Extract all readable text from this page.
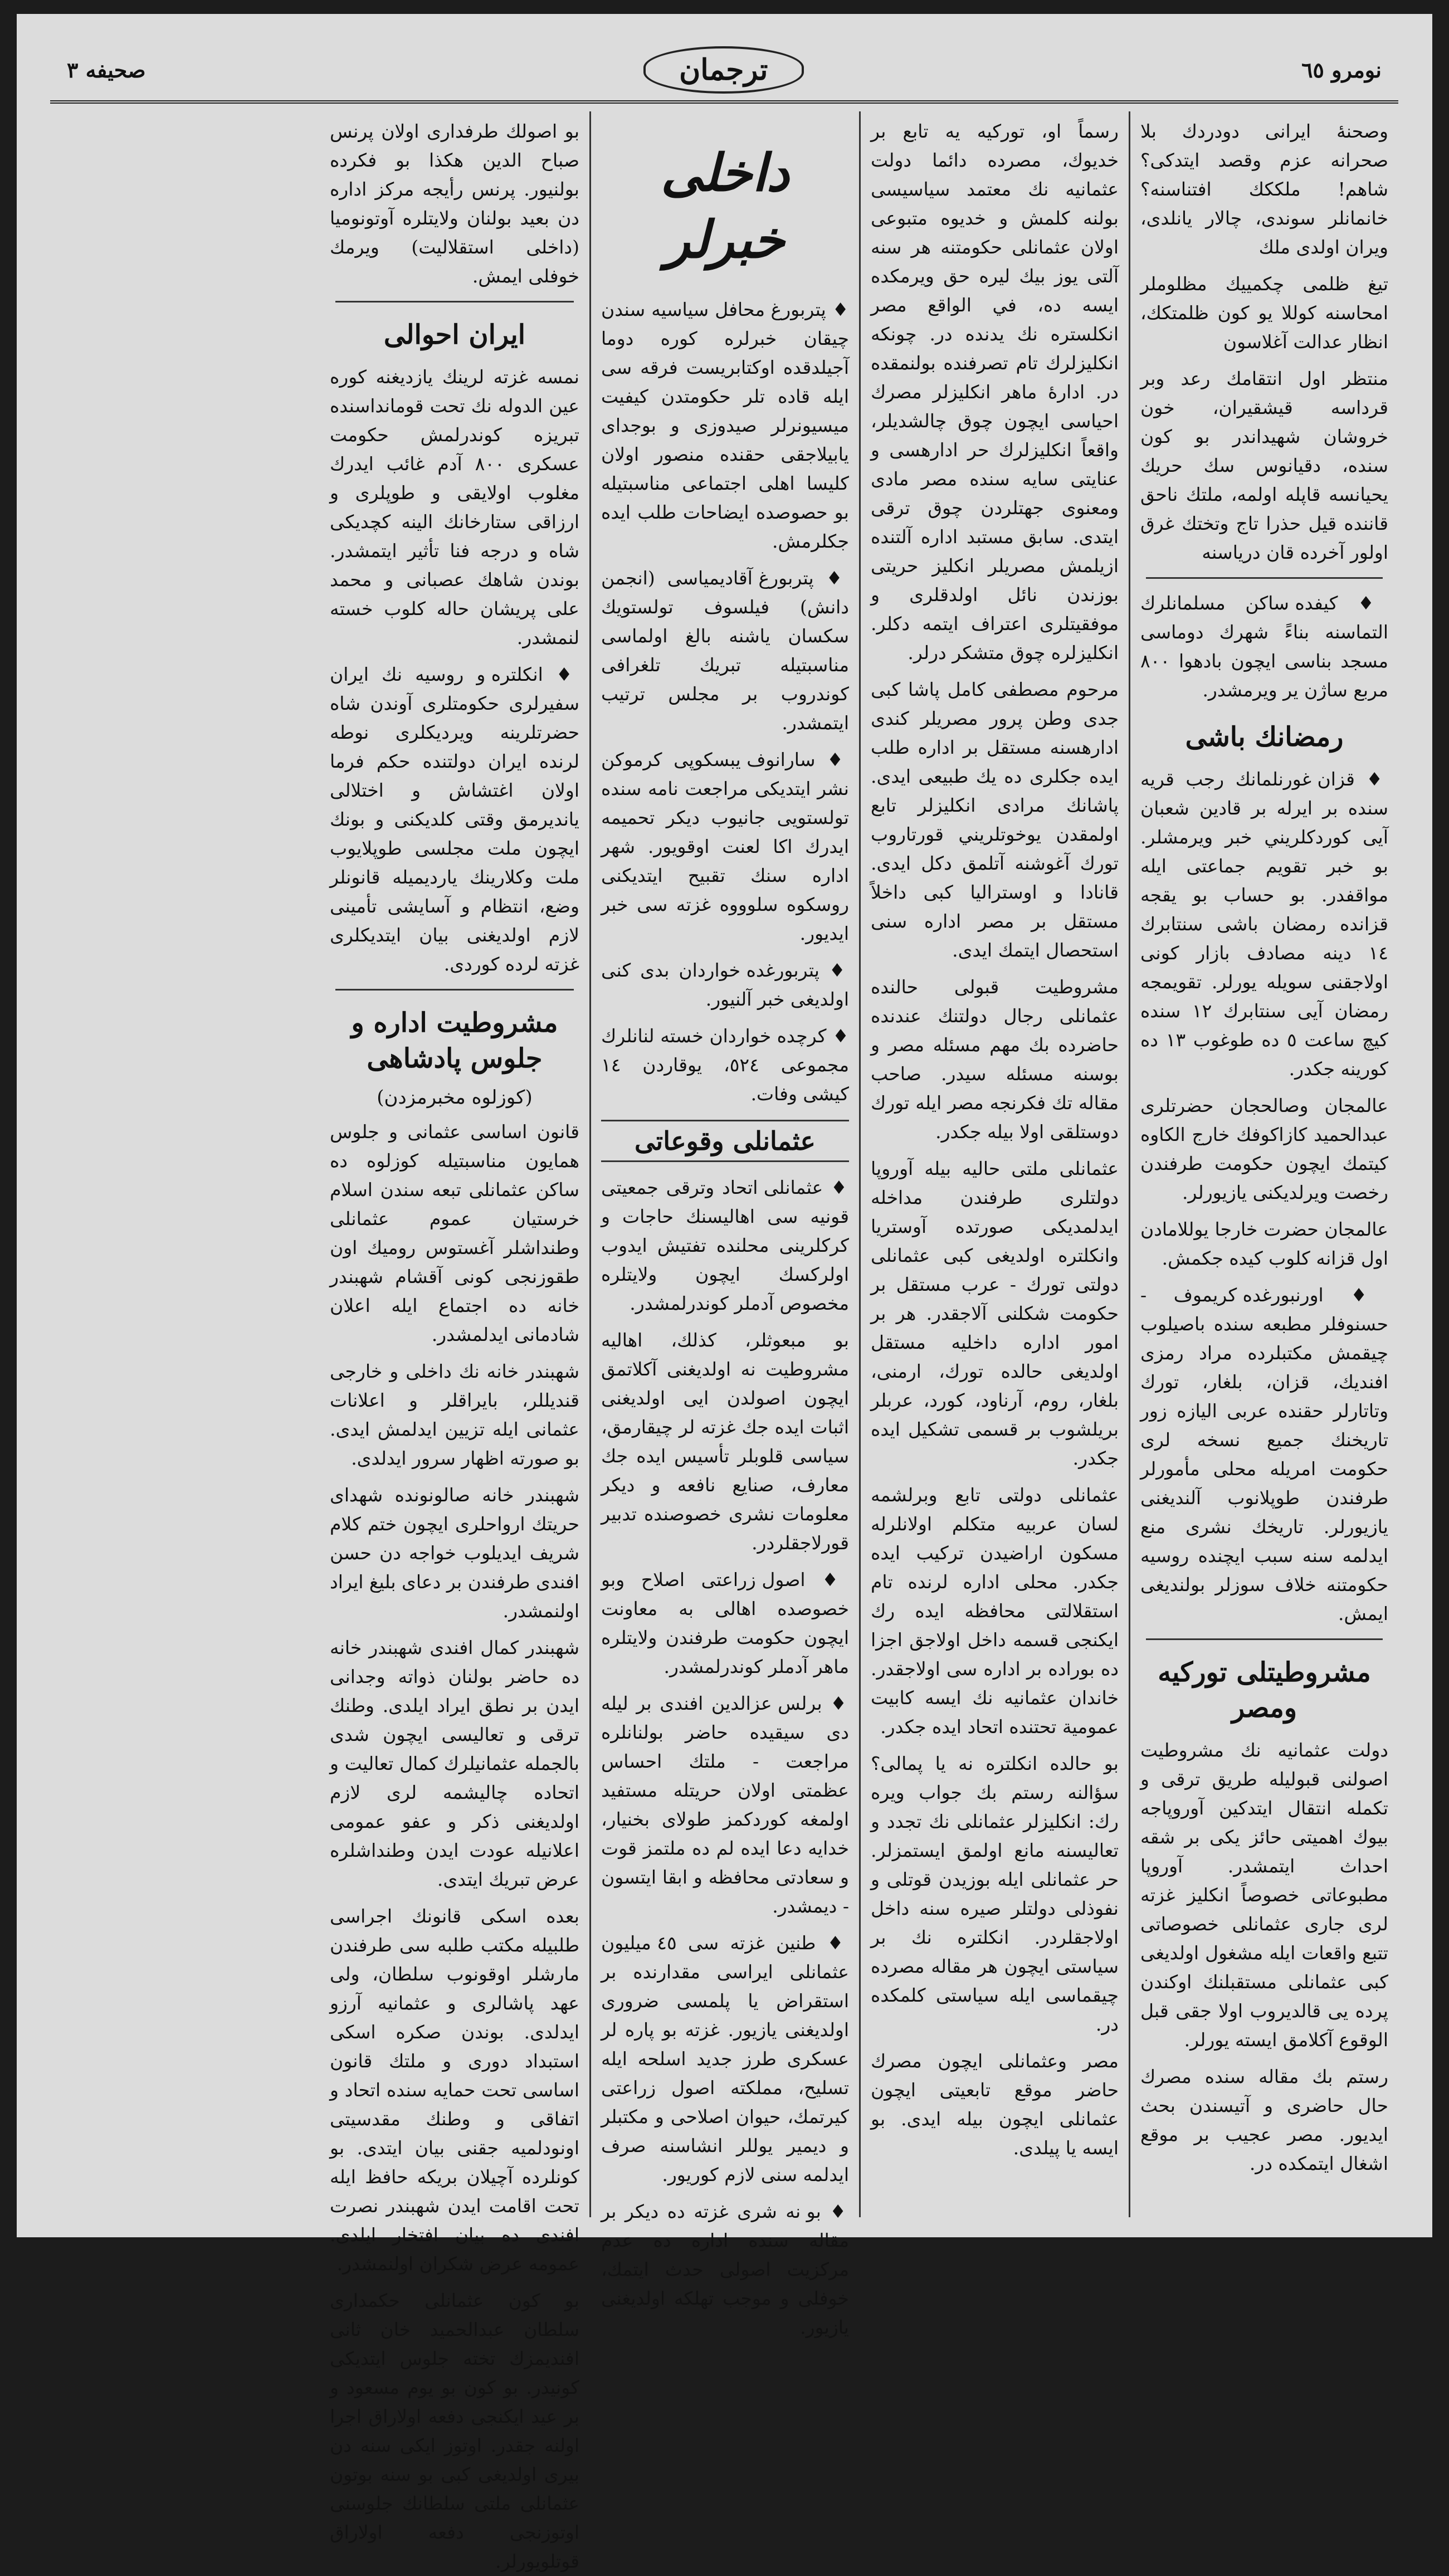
نومرو ٦٥
ترجمان
صحيفه ٣

وصحنهٔ ايرانى دودردك بلا صحرانه عزم وقصد ايتدكى؟ شاهم! ملككك افتناسنه؟ خانمانلر سوندى، چالار يانلدى، ويران اولدى ملك

تيغ ظلمى چكمييك مظلوملر امحاسنه كوللا يو كون ظلمتكك، انظار عدالت آغلاسون

منتظر اول انتقامك رعد وبر قرداسه قيشقيران، خون خروشان شهيداندر بو كون سنده، دقيانوس سك حريك يحيانسه قاپله اولمه، ملتك ناحق قاننده قيل حذرا تاج وتختك غرق اولور آخرده قان درياسنه

♦ كيفده ساكن مسلمانلرك التماسنه بناءً شهرك دوماسى مسجد بناسى ايچون بادهوا ٨٠٠ مربع ساژن ير ويرمشدر.

رمضانك باشى

♦ قزان غورنلمانك رجب قريه سنده بر ايرله بر قادين شعبان آيى كوردكلريني خبر ويرمشلر. بو خبر تقويم جماعتى ايله مواقفدر. بو حساب بو يقجه قزانده رمضان باشى سنتابرك ١٤ دينه مصادف بازار كونى اولاجقنى سويله يورلر. تقويمجه رمضان آيى سنتابرك ١٢ سنده كيچ ساعت ٥ ده طوغوب ١٣ ده كورينه جكدر.

عالمجان وصالحجان حضرتلرى عبدالحميد كازاكوفك خارج الكاوه كيتمك ايچون حكومت طرفندن رخصت ويرلديكنى يازيورلر.

عالمجان حضرت خارجا يوللامادن اول قزانه كلوب كيده جكمش.

♦ اورنبورغده كريموف - حسنوفلر مطبعه سنده باصيلوب چيقمش مكتبلرده مراد رمزى افنديك، قزان، بلغار، تورك وتاتارلر حقنده عربى اليازه زور تاريخنك جميع نسخه لرى حكومت امريله محلى مأمورلر طرفندن طوپلانوب آلنديغنى يازيورلر. تاريخك نشرى منع ايدلمه سنه سبب ايچنده روسيه حكومتنه خلاف سوزلر بولنديغى ايمش.

مشروطيتلى توركيه ومصر

دولت عثمانيه نك مشروطيت اصولنى قبوليله طريق ترقى و تكمله انتقال ايتدكين آوروپاجه بيوك اهميتى حائز يكى بر شقه احداث ايتمشدر. آوروپا مطبوعاتى خصوصاً انكليز غزته لرى جارى عثمانلى خصوصاتى تتبع واقعات ايله مشغول اولديغى كبى عثمانلى مستقبلنك اوكندن پرده يى قالديروب اولا جقى قبل الوقوع آكلامق ايسته يورلر.

رستم بك مقاله سنده مصرك حال حاضرى و آتيسندن بحث ايديور. مصر عجيب بر موقع اشغال ايتمكده در.

رسماً او، توركيه يه تابع بر خديوك، مصرده دائما دولت عثمانيه نك معتمد سياسيسى بولنه كلمش و خديوه متبوعى اولان عثمانلى حكومتنه هر سنه آلتى يوز بيك ليره حق ويرمكده ايسه ده، في الواقع مصر انكلستره نك يدنده در. چونكه انكليزلرك تام تصرفنده بولنمقده در. ادارهٔ ماهر انكليزلر مصرك احياسى ايچون چوق چالشديلر، واقعاً انكليزلرك حر ادارهسى و عنايتى سايه سنده مصر مادى ومعنوى جهتلردن چوق ترقى ايتدى. سابق مستبد اداره آلتنده ازيلمش مصريلر انكليز حريتى بوزندن نائل اولدقلرى و موفقيتلرى اعتراف ايتمه دكلر. انكليزلره چوق متشكر درلر.

مرحوم مصطفى كامل پاشا كبى جدى وطن پرور مصريلر كندى ادارهسنه مستقل بر اداره طلب ايده جكلرى ده يك طبيعى ايدى. پاشانك مرادى انكليزلر تابع اولمقدن يوخوتلريني قورتاروب تورك آغوشنه آتلمق دكل ايدى. قانادا و اوستراليا كبى داخلاً مستقل بر مصر اداره سنى استحصال ايتمك ايدى.

مشروطيت قبولى حالنده عثمانلى رجال دولتنك عندنده حاضرده بك مهم مسئله مصر و بوسنه مسئله سيدر. صاحب مقاله تك فكرنجه مصر ايله تورك دوستلقى اولا بيله جكدر.

عثمانلى ملتى حاليه بيله آوروپا دولتلرى طرفندن مداخله ايدلمديكى صورتده آوستريا وانكلتره اولديغى كبى عثمانلى دولتى تورك - عرب مستقل بر حكومت شكلنى آلاجقدر. هر بر امور اداره داخليه مستقل اولديغى حالده تورك، ارمنى، بلغار، روم، آرناود، كورد، عربلر بريلشوب بر قسمى تشكيل ايده جكدر.

عثمانلى دولتى تابع وبرلشمه لسان عربيه متكلم اولانلرله مسكون اراضيدن تركيب ايده جكدر. محلى اداره لرنده تام استقلالتى محافظه ايده رك ايكنجى قسمه داخل اولاجق اجزا ده بوراده بر اداره سى اولاجقدر. خاندان عثمانيه نك ايسه كابيت عمومية تحتنده اتحاد ايده جكدر.

بو حالده انكلتره نه يا پمالى؟ سؤالنه رستم بك جواب ويره رك: انكليزلر عثمانلى نك تجدد و تعاليسنه مانع اولمق ايستمزلر. حر عثمانلى ايله بوزيدن قوتلى و نفوذلى دولتلر صيره سنه داخل اولاجقلردر. انكلتره نك بر سياستى ايچون هر مقاله مصرده چيقماسى ايله سياستى كلمكده در.

مصر وعثمانلى ايچون مصرك حاضر موقع تابعيتى ايچون عثمانلى ايچون بيله ايدى. بو ايسه يا پيلدى.

داخلى خبرلر

♦ پتربورغ محافل سياسيه سندن چيقان خبرلره كوره دوما آجيلدقده اوكتابريست فرقه سى ايله قاده تلر حكومتدن كيفيت ميسيونرلر صيدوزى و بوجداى يابيلاجقى حقنده منصور اولان كليسا اهلى اجتماعى مناسبتيله بو حصوصده ايضاحات طلب ايده جكلرمش.

♦ پتربورغ آقاديمياسى (انجمن دانش) فيلسوف تولستويك سكسان ياشنه بالغ اولماسى مناسبتيله تبريك تلغرافى كوندروب بر مجلس ترتيب ايتمشدر.

♦ سارانوف يبسكوپى كرموكن نشر ايتديكى مراجعت نامه سنده تولستويى جانيوب ديكر تحميمه ايدرك اكا لعنت اوقويور. شهر اداره سنك تقبيح ايتديكنى روسكوه سلوووه غزته سى خبر ايديور.

♦ پتربورغده خواردان بدى كنى اولديغى خبر آلنيور.

♦ كرچده خواردان خسته لنانلرك مجموعى ٥٢٤، يوقاردن ١٤ كيشى وفات.

عثمانلى وقوعاتى

♦ عثمانلى اتحاد وترقى جمعيتى قونيه سى اهاليسنك حاجات و كركلرينى محلنده تفتيش ايدوب اولركسك ايچون ولايتلره مخصوص آدملر كوندرلمشدر.

بو مبعوثلر، كذلك، اهاليه مشروطيت نه اولديغنى آكلاتمق ايچون اصولدن ايى اولديغنى اثبات ايده جك غزته لر چيقارمق، سياسى قلوبلر تأسيس ايده جك معارف، صنايع نافعه و ديكر معلومات نشرى خصوصنده تدبير قورلاجقلردر.

♦ اصول زراعتى اصلاح وبو خصوصده اهالى به معاونت ايچون حكومت طرفندن ولايتلره ماهر آدملر كوندرلمشدر.

♦ برلس عزالدين افندى بر ليله دى سيقيده حاضر بولنانلره مراجعت - ملتك احساس عظمتى اولان حريتله مستفيد اولمغه كوردكمز طولاى بخنيار، خدايه دعا ايده لم ده ملتمز قوت و سعادتى محافظه و ابقا ايتسون - ديمشدر.

♦ طنين غزته سى ٤٥ ميليون عثمانلى ايراسى مقدارنده بر استقراض يا پلمسى ضرورى اولديغنى يازيور. غزته بو پاره لر عسكرى طرز جديد اسلحه ايله تسليح، مملكته اصول زراعتى كيرتمك، حيوان اصلاحى و مكتبلر و ديمير يوللر انشاسنه صرف ايدلمه سنى لازم كوريور.

♦ بو نه شرى غزته ده ديكر بر مقاله سنده اداره ده عدم مركزيت اصولى حدث ايتمك، خوفلى و موجب تهلكه اولديغنى يازيور.

بو اصولك طرفدارى اولان پرنس صباح الدين هكذا بو فكرده بولنيور. پرنس رأيجه مركز اداره دن بعيد بولنان ولايتلره آوتونوميا (داخلى استقلاليت) ويرمك خوفلى ايمش.

ايران احوالى

نمسه غزته لرينك يازديغنه كوره عين الدوله نك تحت قومانداسنده تبريزه كوندرلمش حكومت عسكرى ٨٠٠ آدم غائب ايدرك مغلوب اولايقى و طوپلرى و ارزاقى ستارخانك الينه كچديكى شاه و درجه فنا تأثير ايتمشدر. بوندن شاهك عصبانى و محمد على پريشان حاله كلوب خسته لنمشدر.

♦ انكلتره و روسيه نك ايران سفيرلرى حكومتلرى آوندن شاه حضرتلرينه ويرديكلرى نوطه لرنده ايران دولتنده حكم فرما اولان اغتشاش و اختلالى يانديرمق وقتى كلديكنى و بونك ايچون ملت مجلسى طوپلايوب ملت وكلارينك يارديميله قانونلر وضع، انتظام و آسايشى تأمينى لازم اولديغنى بيان ايتديكلرى غزته لرده كوردى.

مشروطيت اداره و جلوس پادشاهى
(كوزلوه مخبرمزدن)

قانون اساسى عثمانى و جلوس همايون مناسبتيله كوزلوه ده ساكن عثمانلى تبعه سندن اسلام خرستيان عموم عثمانلى وطنداشلر آغستوس روميك اون طقوزنجى كونى آقشام شهبندر خانه ده اجتماع ايله اعلان شادمانى ايدلمشدر.

شهبندر خانه نك داخلى و خارجى قنديللر، بايراقلر و اعلانات عثمانى ايله تزيين ايدلمش ايدى. بو صورته اظهار سرور ايدلدى.

شهبندر خانه صالونونده شهداى حريتك ارواحلرى ايچون ختم كلام شريف ايديلوب خواجه دن حسن افندى طرفندن بر دعاى بليغ ايراد اولنمشدر.

شهبندر كمال افندى شهبندر خانه ده حاضر بولنان ذواته وجدانى ايدن بر نطق ايراد ايلدى. وطنك ترقى و تعاليسى ايچون شدى بالجمله عثمانيلرك كمال تعاليت و اتحاده چاليشمه لرى لازم اولديغنى ذكر و عفو عمومى اعلانيله عودت ايدن وطنداشلره عرض تبريك ايتدى.

بعده اسكى قانونك اجراسى طلبيله مكتب طلبه سى طرفندن مارشلر اوقونوب سلطان، ولى عهد پاشالرى و عثمانيه آرزو ايدلدى. بوندن صكره اسكى استبداد دورى و ملتك قانون اساسى تحت حمايه سنده اتحاد و اتفاقى و وطنك مقدسيتى اونودلميه جقنى بيان ايتدى. بو كونلرده آچيلان بريكه حافظ ايله تحت اقامت ايدن شهبندر نصرت افندى ده بيان افتخار ايلدى. عمومه عرض شكران اولنمشدر.

بو كون عثمانلى حكمدارى سلطان عبدالحميد خان ثانى افنديمزك تخته جلوس ايتديكى كونيدر. بو كون بو يوم مسعود و بر عيد ايكنجى دفعه اولاراق اجرا اولنه جقدر. اوتوز ايكى سنه دن بيرى اولديغى كبى بو سنه بوتون عثمانلى ملتى سلطانك جلوسنى اوتوزنجى دفعه اولاراق قوتلويورلر.
